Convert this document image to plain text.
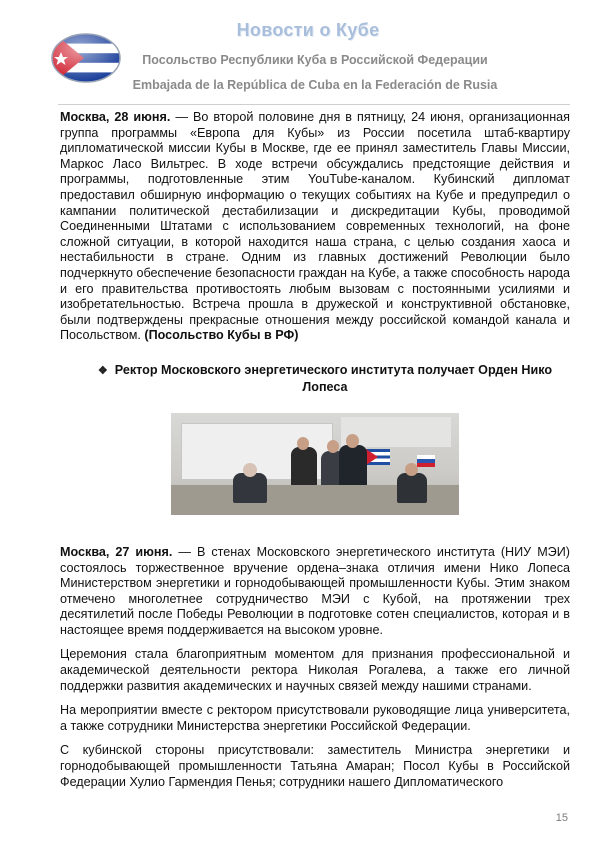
Новости о Кубе
Посольство Республики Куба в Российской Федерации
Embajada de la República de Cuba en la Federación de Rusia

Москва, 28 июня. — Во второй половине дня в пятницу, 24 июня, организационная группа программы «Европа для Кубы» из России посетила штаб-квартиру дипломатической миссии Кубы в Москве, где ее принял заместитель Главы Миссии, Маркос Ласо Вильтрес. В ходе встречи обсуждались предстоящие действия и программы, подготовленные этим YouTube-каналом. Кубинский дипломат предоставил обширную информацию о текущих событиях на Кубе и предупредил о кампании политической дестабилизации и дискредитации Кубы, проводимой Соединенными Штатами с использованием современных технологий, на фоне сложной ситуации, в которой находится наша страна, с целью создания хаоса и нестабильности в стране. Одним из главных достижений Революции было подчеркнуто обеспечение безопасности граждан на Кубе, а также способность народа и его правительства противостоять любым вызовам с постоянными усилиями и изобретательностью. Встреча прошла в дружеской и конструктивной обстановке, были подтверждены прекрасные отношения между российской командой канала и Посольством. (Посольство Кубы в РФ)

❖ Ректор Московского энергетического института получает Орден Нико Лопеса

Москва, 27 июня. — В стенах Московского энергетического института (НИУ МЭИ) состоялось торжественное вручение ордена–знака отличия имени Нико Лопеса Министерством энергетики и горнодобывающей промышленности Кубы. Этим знаком отмечено многолетнее сотрудничество МЭИ с Кубой, на протяжении трех десятилетий после Победы Революции в подготовке сотен специалистов, которая и в настоящее время поддерживается на высоком уровне.

Церемония стала благоприятным моментом для признания профессиональной и академической деятельности ректора Николая Рогалева, а также его личной поддержки развития академических и научных связей между нашими странами.

На мероприятии вместе с ректором присутствовали руководящие лица университета, а также сотрудники Министерства энергетики Российской Федерации.

С кубинской стороны присутствовали: заместитель Министра энергетики и горнодобывающей промышленности Татьяна Амаран; Посол Кубы в Российской Федерации Хулио Гармендия Пенья; сотрудники нашего Дипломатического

15
